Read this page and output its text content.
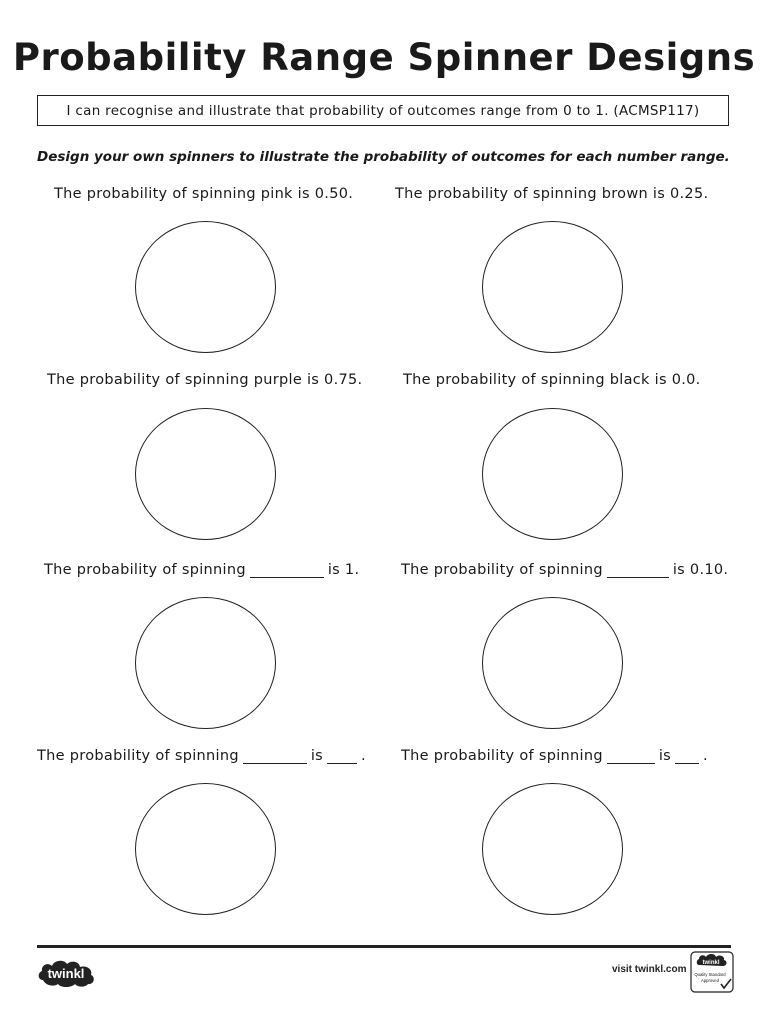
Probability Range Spinner Designs
I can recognise and illustrate that probability of outcomes range from 0 to 1. (ACMSP117)
Design your own spinners to illustrate the probability of outcomes for each number range.
The probability of spinning pink is 0.50.	The probability of spinning brown is 0.25.
The probability of spinning purple is 0.75.	The probability of spinning black is 0.0.
The probability of spinning	is 1.	The probability of spinning	is 0.10.
The probability of spinning	is	. The probability of spinning	is .
twinkl	visit twinkl.com
twinkl
Quality Standard
Approved
